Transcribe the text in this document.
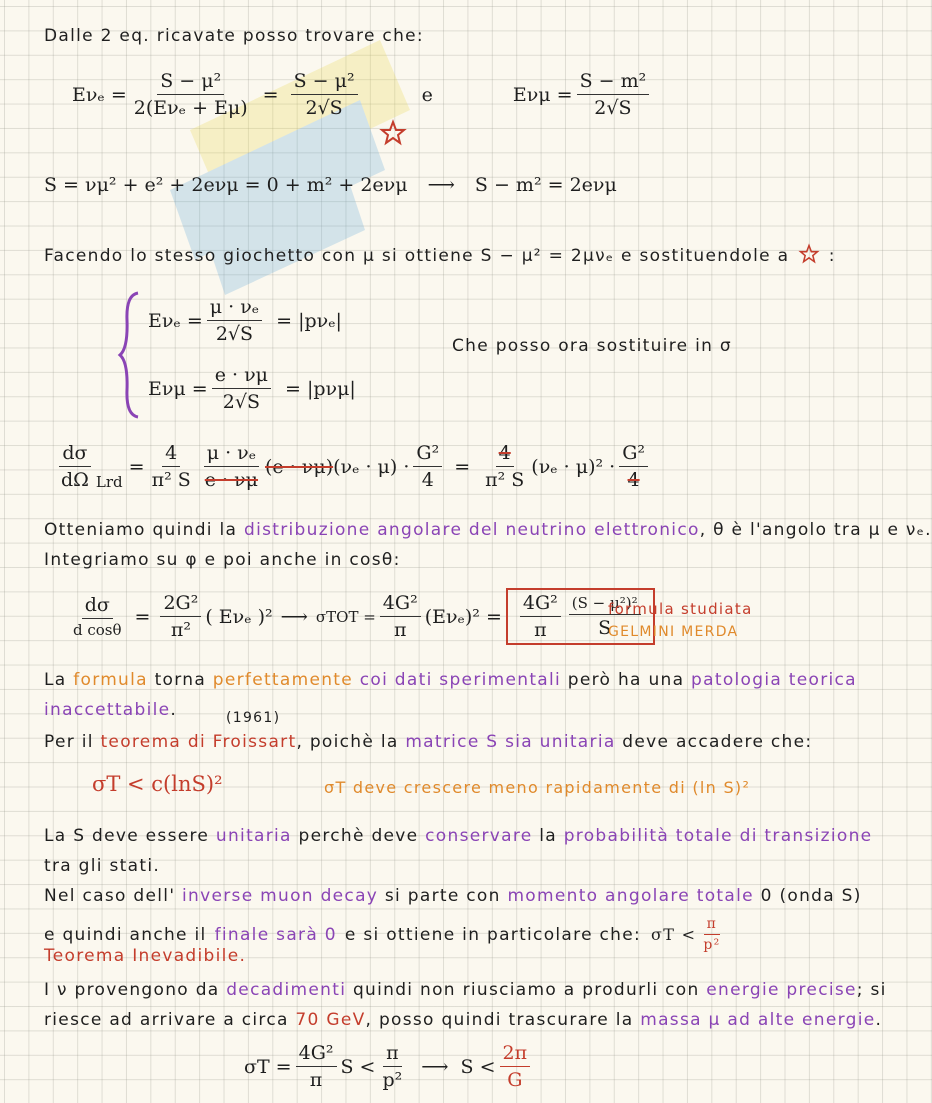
Dalle 2 eq. ricavate posso trovare che:
$E\nu_e = \frac{\text{S − μ²}}{\text{2(Eνₑ + Eμ)}} = \frac{\text{S − μ²}}{2√S}$	e	$E\nu\mu = \frac{\text{S − m²}}{2√S}$
S = νμ² + e² + 2eνμ = 0 + m² + 2eνμ ⟶ S − m² = 2eνμ
Facendo lo stesso giochetto con μ si ottiene S − μ² = 2μνₑ e sostituendole a :
$E\nu_e = \frac{\text{μ · νₑ}}{2√S} = |p\nu_e|$
$E\nu\mu = \frac{e \cdot \nu\mu}{2√S} = |p\nu\mu|$
Che posso ora sostituire in σ
$\frac{d\sigma}{d\Omega}$ Lrd
= $\frac{4}{\text{π² S}} \frac{\text{μ · νₑ}}{e \cdot \nu\mu} (e \cdot \nu\mu) (\nu_e \cdot \mu) \cdot \frac{\text{G²}}{4} = \frac{4}{\text{π² S}} (\nu_e \cdot \mu)^2 \cdot \frac{\text{G²}}{4}$
Otteniamo quindi la distribuzione angolare del neutrino elettronico, θ è l'angolo tra μ e νₑ.
Integriamo su φ e poi anche in cosθ:
$\frac{d\sigma}{\text{d cosθ}} = \frac{\text{2G²}}{\text{π²}}$ ( Eνₑ )² ⟶ $\sigma TOT = \frac{\text{4G²}}{\pi} (E\nu_e)^2 = \frac{\text{4G²}}{\pi} \frac{\text{(S − μ²)²}}{S}$
formula studiata
GELMINI MERDA
La formula torna perfettamente coi dati sperimentali però ha una patologia teorica
inaccettabile.	(1961)
Per il teorema di Froissart, poichè la matrice S sia unitaria deve accadere che:
σT < c(lnS)²	σT deve crescere meno rapidamente di (ln S)²
La S deve essere unitaria perchè deve conservare la probabilità totale di transizione
tra gli stati.
Nel caso dell' inverse muon decay si parte con momento angolare totale 0 (onda S)
e quindi anche il finale sarà 0 e si ottiene in particolare che: $\sigma T < \frac{\pi}{\text{p²}}$
Teorema Inevadibile.
I ν provengono da decadimenti quindi non riusciamo a produrli con energie precise; si
riesce ad arrivare a circa 70 GeV, posso quindi trascurare la massa μ ad alte energie.
$\sigma T = \frac{\text{4G²}}{\pi}$ $S < \frac{\pi}{\text{p²}}$ ⟶ $S < \frac{2\pi}{G}$
